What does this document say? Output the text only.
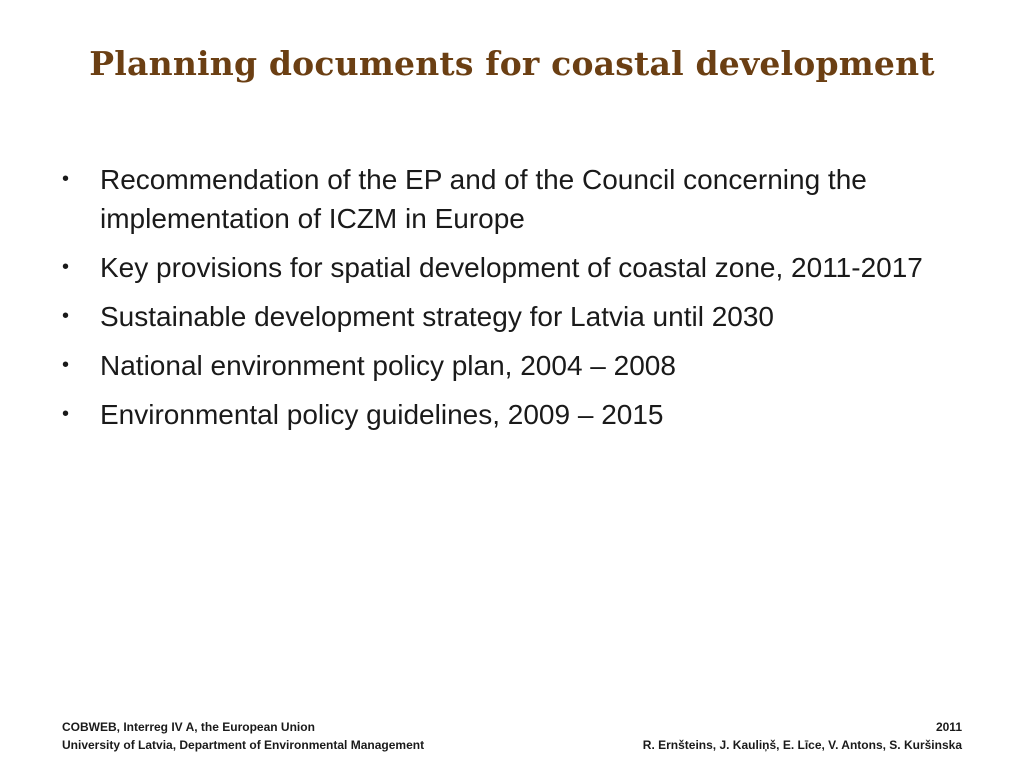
Planning documents for coastal development
•	Recommendation of the EP and of the Council concerning the implementation of ICZM in Europe
•	Key provisions for spatial development of coastal zone, 2011-2017
•	Sustainable development strategy for Latvia until 2030
•	National environment policy plan, 2004 – 2008
•	Environmental policy guidelines, 2009 – 2015
COBWEB, Interreg IV A, the European Union
University of Latvia, Department of Environmental Management
2011
R. Ernšteins, J. Kauliņš, E. Līce, V. Antons, S. Kuršinska
